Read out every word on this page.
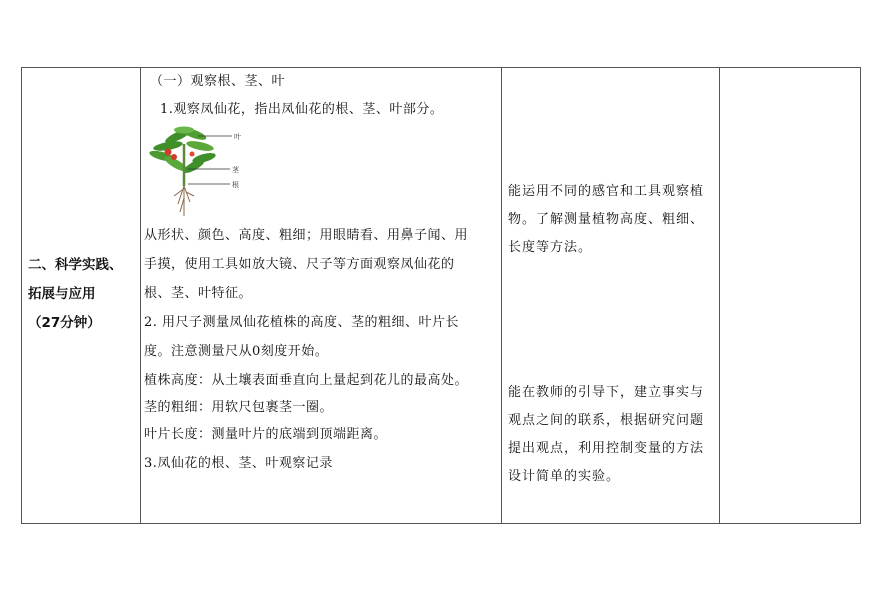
二、科学实践、
拓展与应用
（27分钟）
（一）观察根、茎、叶
1.观察凤仙花，指出凤仙花的根、茎、叶部分。
叶
茎
根
从形状、颜色、高度、粗细；用眼睛看、用鼻子闻、用
手摸，使用工具如放大镜、尺子等方面观察凤仙花的
根、茎、叶特征。
2. 用尺子测量凤仙花植株的高度、茎的粗细、叶片长
度。注意测量尺从0刻度开始。
植株高度：从土壤表面垂直向上量起到花儿的最高处。
茎的粗细：用软尺包裹茎一圈。
叶片长度：测量叶片的底端到顶端距离。
3.凤仙花的根、茎、叶观察记录
能运用不同的感官和工具观察植
物。了解测量植物高度、粗细、
长度等方法。
能在教师的引导下，建立事实与
观点之间的联系，根据研究问题
提出观点，利用控制变量的方法
设计简单的实验。
